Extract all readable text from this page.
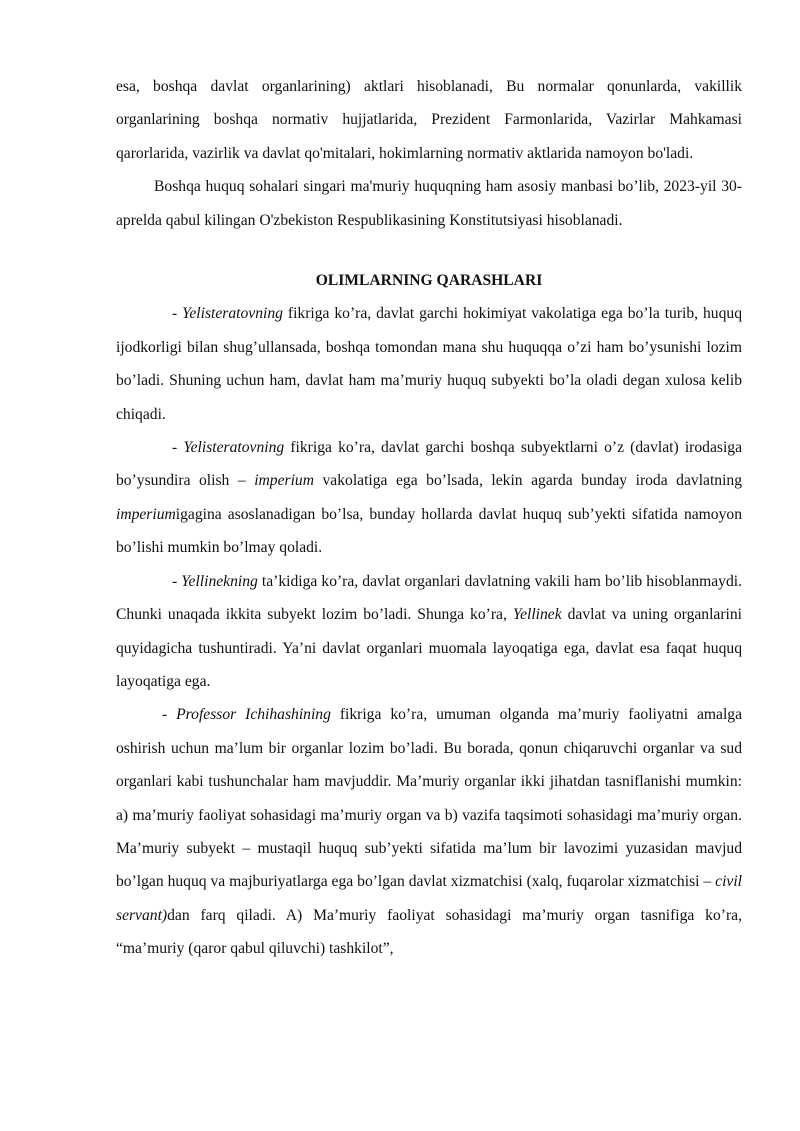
esa, boshqa davlat organlarining) aktlari hisoblanadi, Bu normalar qonunlarda, vakillik organlarining boshqa normativ hujjatlarida, Prezident Farmonlarida, Vazirlar Mahkamasi qarorlarida, vazirlik va davlat qo'mitalari, hokimlarning normativ aktlarida namoyon bo'ladi.

Boshqa huquq sohalari singari ma'muriy huquqning ham asosiy manbasi bo’lib, 2023-yil 30-aprelda qabul kilingan O'zbekiston Respublikasining Konstitutsiyasi hisoblanadi.

OLIMLARNING QARASHLARI

- Yelisteratovning fikriga ko’ra, davlat garchi hokimiyat vakolatiga ega bo’la turib, huquq ijodkorligi bilan shug’ullansada, boshqa tomondan mana shu huquqqa o’zi ham bo’ysunishi lozim bo’ladi. Shuning uchun ham, davlat ham ma’muriy huquq subyekti bo’la oladi degan xulosa kelib chiqadi.

- Yelisteratovning fikriga ko’ra, davlat garchi boshqa subyektlarni o’z (davlat) irodasiga bo’ysundira olish – imperium vakolatiga ega bo’lsada, lekin agarda bunday iroda davlatning imperiumigagina asoslanadigan bo’lsa, bunday hollarda davlat huquq sub’yekti sifatida namoyon bo’lishi mumkin bo’lmay qoladi.

- Yellinekning ta’kidiga ko’ra, davlat organlari davlatning vakili ham bo’lib hisoblanmaydi. Chunki unaqada ikkita subyekt lozim bo’ladi. Shunga ko’ra, Yellinek davlat va uning organlarini quyidagicha tushuntiradi. Ya’ni davlat organlari muomala layoqatiga ega, davlat esa faqat huquq layoqatiga ega.

- Professor Ichihashining fikriga ko’ra, umuman olganda ma’muriy faoliyatni amalga oshirish uchun ma’lum bir organlar lozim bo’ladi. Bu borada, qonun chiqaruvchi organlar va sud organlari kabi tushunchalar ham mavjuddir. Ma’muriy organlar ikki jihatdan tasniflanishi mumkin: a) ma’muriy faoliyat sohasidagi ma’muriy organ va b) vazifa taqsimoti sohasidagi ma’muriy organ. Ma’muriy subyekt – mustaqil huquq sub’yekti sifatida ma’lum bir lavozimi yuzasidan mavjud bo’lgan huquq va majburiyatlarga ega bo’lgan davlat xizmatchisi (xalq, fuqarolar xizmatchisi – civil servant)dan farq qiladi. A) Ma’muriy faoliyat sohasidagi ma’muriy organ tasnifiga ko’ra, “ma’muriy (qaror qabul qiluvchi) tashkilot”,
